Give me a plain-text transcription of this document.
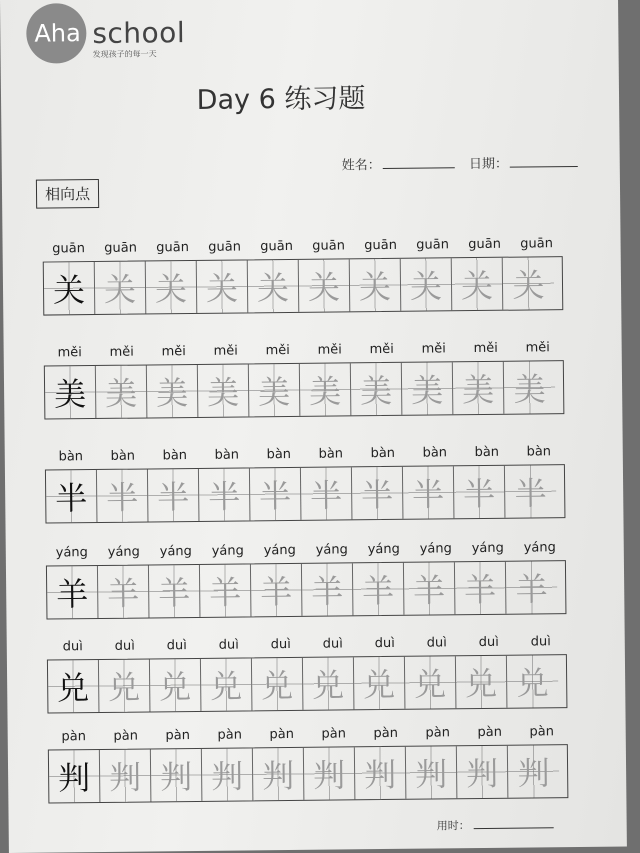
Aha school
发现孩子的每一天
Day 6 练习题
姓名：	日期：
相向点
guān	guān	guān	guān	guān	guān	guān	guān	guān	guān
关 关 关 关 关 关 关 关 关 关
měi	měi	měi	měi	měi	měi	měi	měi	měi	měi
美 美 美 美 美 美 美 美 美 美
bàn	bàn	bàn	bàn	bàn	bàn	bàn	bàn	bàn	bàn
半 半 半 半 半 半 半 半 半 半
yáng	yáng	yáng	yáng	yáng	yáng	yáng	yáng	yáng	yáng
羊 羊 羊 羊 羊 羊 羊 羊 羊 羊
duì	duì	duì	duì	duì	duì	duì	duì	duì	duì
兑 兑 兑 兑 兑 兑 兑 兑 兑 兑
pàn	pàn	pàn	pàn	pàn	pàn	pàn	pàn	pàn	pàn
判 判 判 判 判 判 判 判 判 判
用时：
